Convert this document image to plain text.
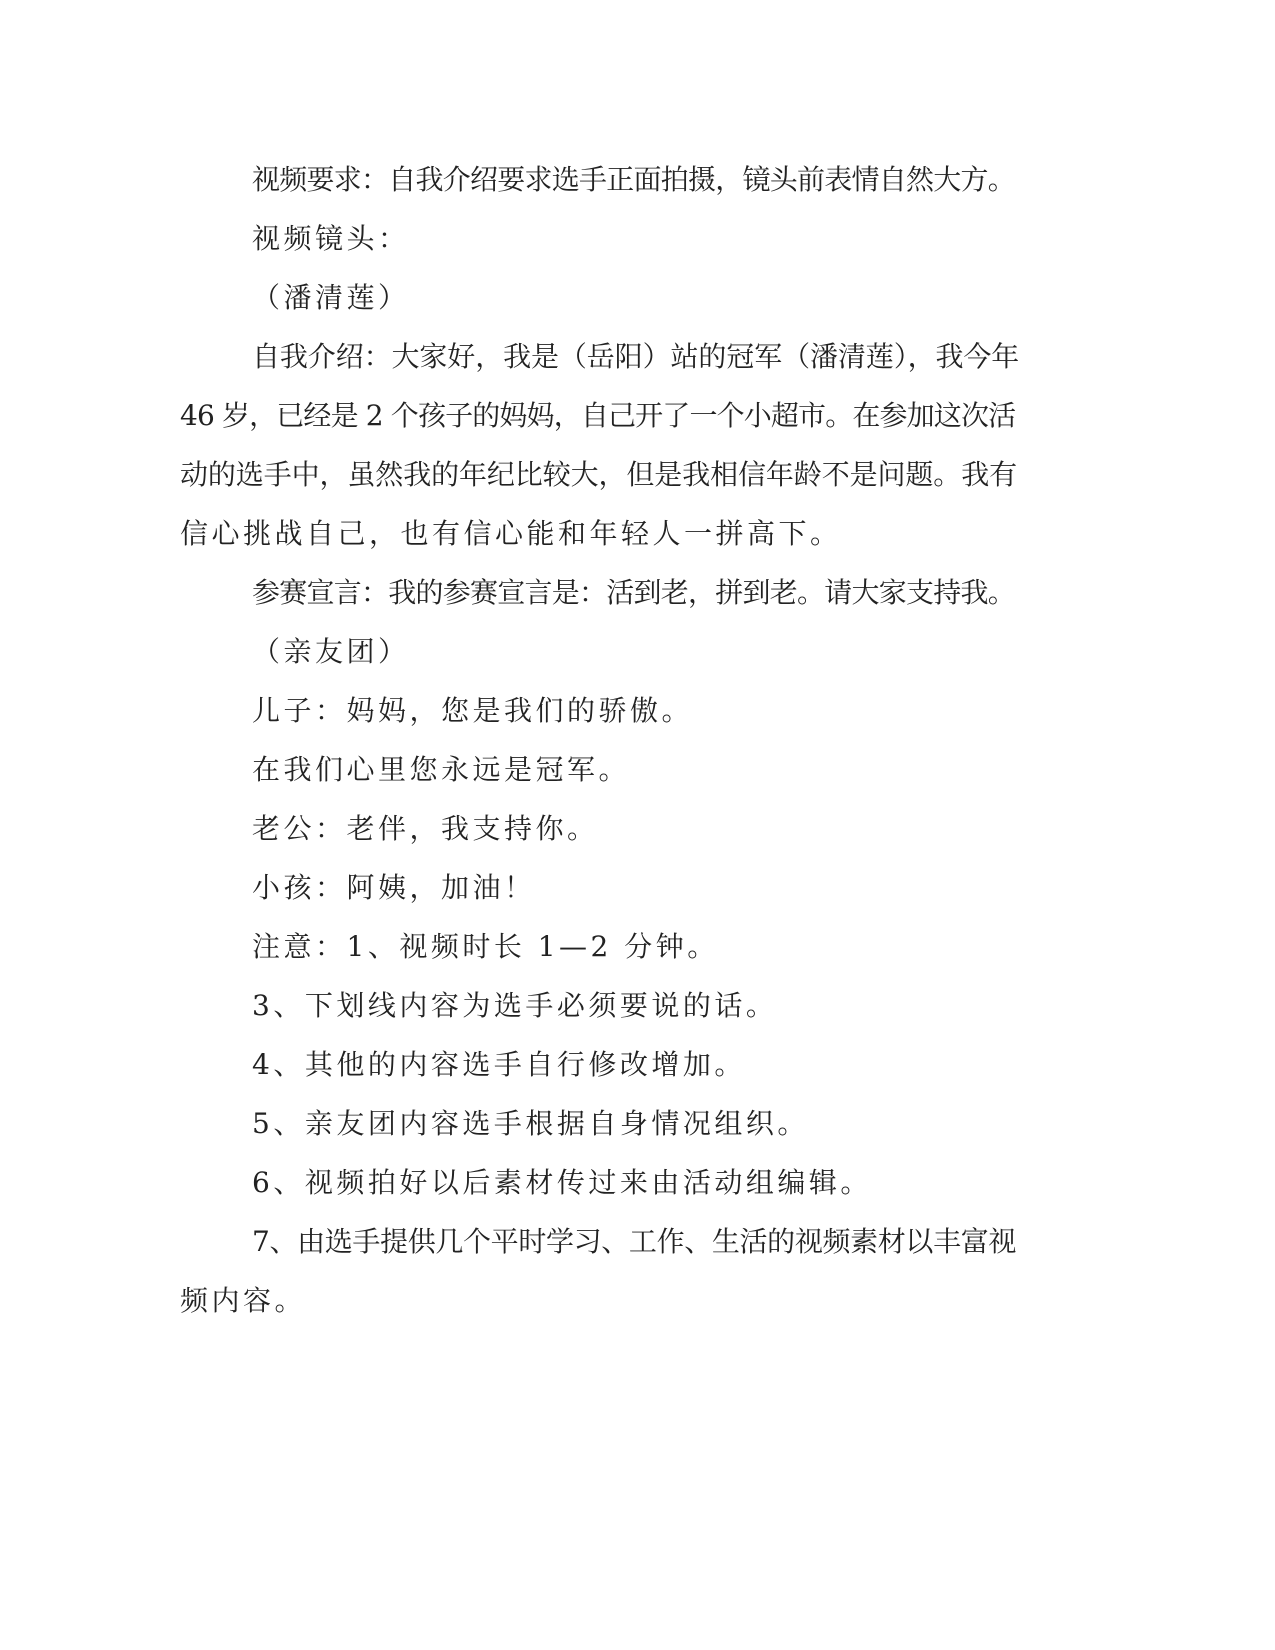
视频要求：自我介绍要求选手正面拍摄，镜头前表情自然大方。
视频镜头：
（潘清莲）
自我介绍：大家好，我是（岳阳）站的冠军（潘清莲），我今年
46 岁，已经是 2 个孩子的妈妈，自己开了一个小超市。在参加这次活
动的选手中，虽然我的年纪比较大，但是我相信年龄不是问题。我有
信心挑战自己，也有信心能和年轻人一拼高下。
参赛宣言：我的参赛宣言是：活到老，拼到老。请大家支持我。
（亲友团）
儿子：妈妈，您是我们的骄傲。
在我们心里您永远是冠军。
老公：老伴，我支持你。
小孩：阿姨，加油！
注意：1、视频时长 1—2 分钟。
3、下划线内容为选手必须要说的话。
4、其他的内容选手自行修改增加。
5、亲友团内容选手根据自身情况组织。
6、视频拍好以后素材传过来由活动组编辑。
7、由选手提供几个平时学习、工作、生活的视频素材以丰富视
频内容。
